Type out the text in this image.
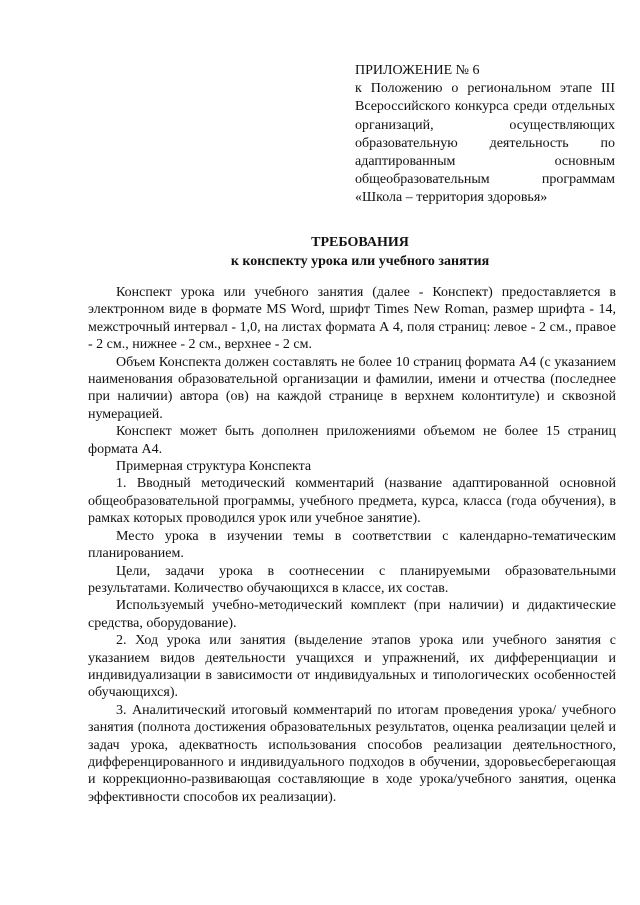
ПРИЛОЖЕНИЕ № 6
к Положению о региональном этапе III Всероссийского конкурса среди отдельных организаций, осуществляющих образовательную деятельность по адаптированным основным общеобразовательным программам «Школа – территория здоровья»
ТРЕБОВАНИЯ
к конспекту урока или учебного занятия

Конспект урока или учебного занятия (далее - Конспект) предоставляется в электронном виде в формате MS Word, шрифт Times New Roman, размер шрифта - 14, межстрочный интервал - 1,0, на листах формата А 4, поля страниц: левое - 2 см., правое - 2 см., нижнее - 2 см., верхнее - 2 см.

Объем Конспекта должен составлять не более 10 страниц формата А4 (с указанием наименования образовательной организации и фамилии, имени и отчества (последнее при наличии) автора (ов) на каждой странице в верхнем колонтитуле) и сквозной нумерацией.

Конспект может быть дополнен приложениями объемом не более 15 страниц формата А4.

Примерная структура Конспекта

1. Вводный методический комментарий (название адаптированной основной общеобразовательной программы, учебного предмета, курса, класса (года обучения), в рамках которых проводился урок или учебное занятие).

Место урока в изучении темы в соответствии с календарно-тематическим планированием.

Цели, задачи урока в соотнесении с планируемыми образовательными результатами. Количество обучающихся в классе, их состав.

Используемый учебно-методический комплект (при наличии) и дидактические средства, оборудование).

2. Ход урока или занятия (выделение этапов урока или учебного занятия с указанием видов деятельности учащихся и упражнений, их дифференциации и индивидуализации в зависимости от индивидуальных и типологических особенностей обучающихся).

3. Аналитический итоговый комментарий по итогам проведения урока/ учебного занятия (полнота достижения образовательных результатов, оценка реализации целей и задач урока, адекватность использования способов реализации деятельностного, дифференцированного и индивидуального подходов в обучении, здоровьесберегающая и коррекционно-развивающая составляющие в ходе урока/учебного занятия, оценка эффективности способов их реализации).
